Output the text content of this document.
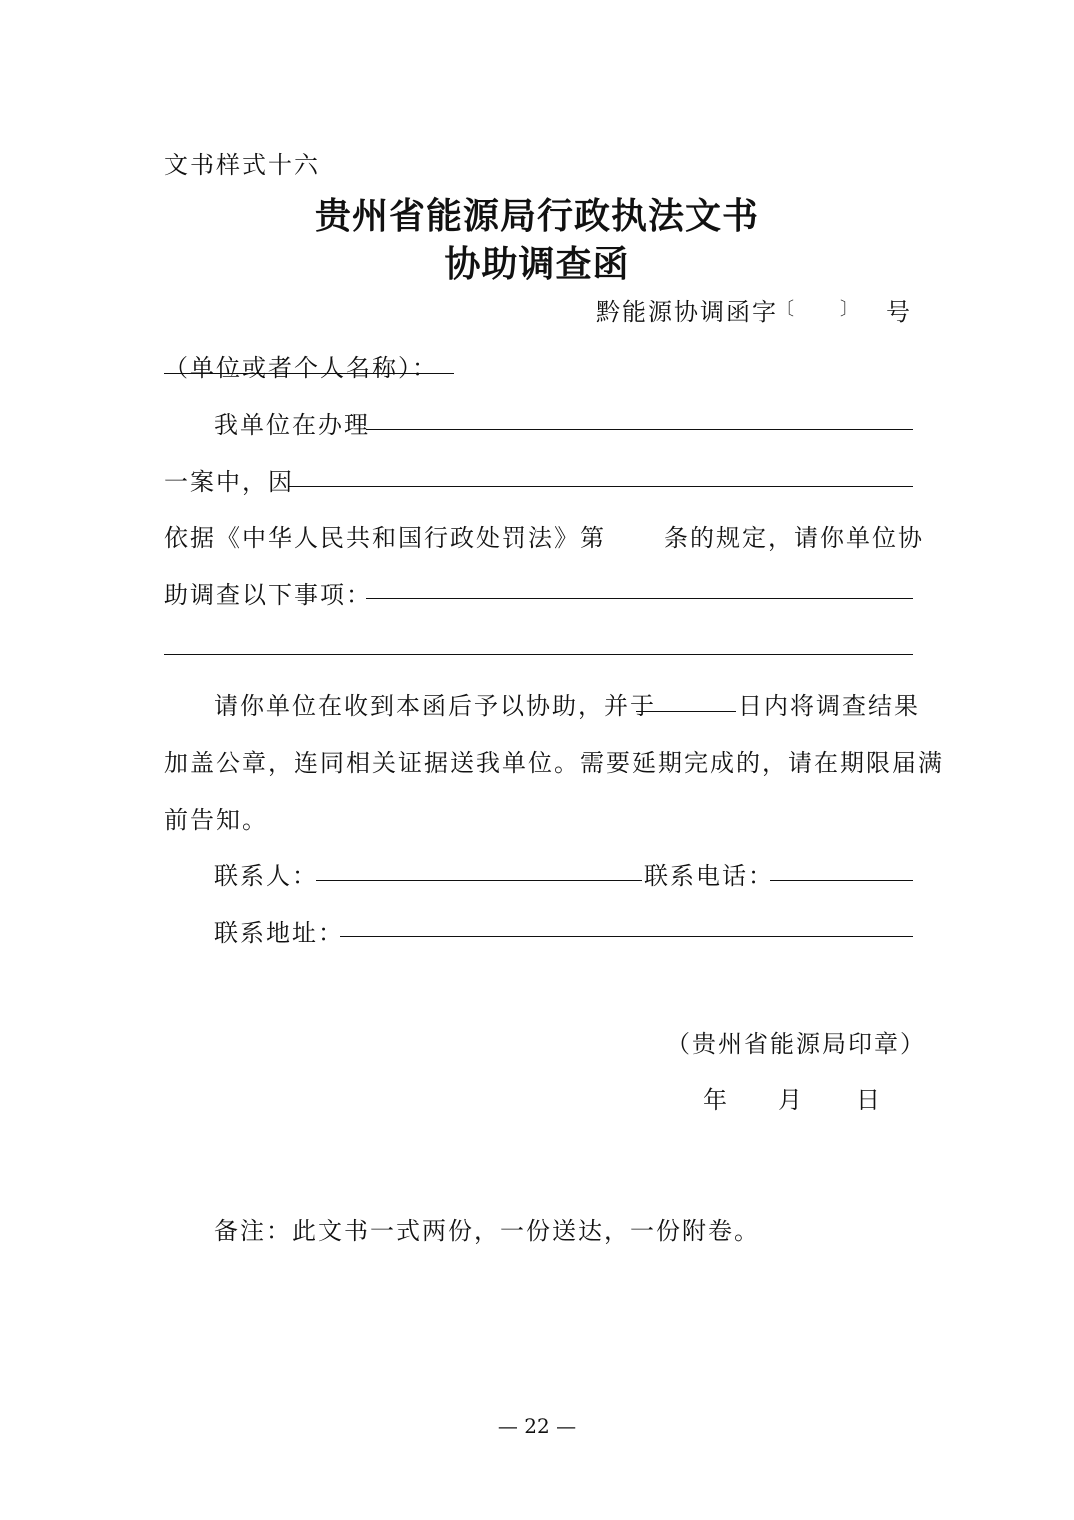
文书样式十六
贵州省能源局行政执法文书
协助调查函
黔能源协调函字
〔	〕 号
（单位或者个人名称）：
我单位在办理
一案中，因
依据《中华人民共和国行政处罚法》第 条的规定，请你单位协
助调查以下事项：
请你单位在收到本函后予以协助，并于	日内将调查结果
加盖公章，连同相关证据送我单位。需要延期完成的，请在期限届满
前告知。
联系人：	联系电话：
联系地址：
（贵州省能源局印章）
年 月 日
备注：此文书一式两份，一份送达，一份附卷。
— 22 —
